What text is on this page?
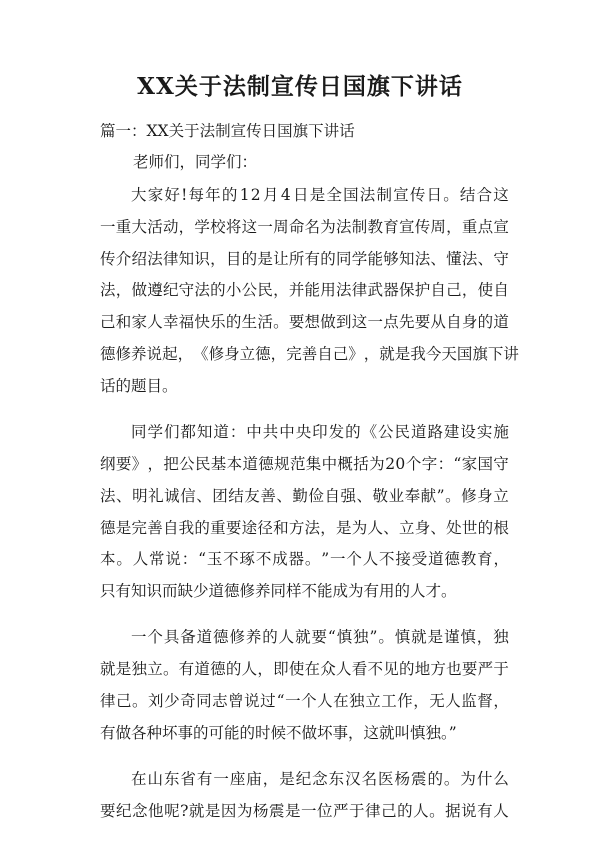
XX关于法制宣传日国旗下讲话
篇一：XX关于法制宣传日国旗下讲话
老师们，同学们：
大 家 好 ! 每 年 的 1 2 月 4 日 是 全 国 法 制 宣 传 日 。 结 合 这
一 重 大 活 动 ， 学 校 将 这 一 周 命 名 为 法 制 教 育 宣 传 周 ， 重 点 宣
传 介 绍 法 律 知 识 ， 目 的 是 让 所 有 的 同 学 能 够 知 法 、 懂 法 、 守
法 ， 做 遵 纪 守 法 的 小 公 民 ， 并 能 用 法 律 武 器 保 护 自 己 ， 使 自
己 和 家 人 幸 福 快 乐 的 生 活 。 要 想 做 到 这 一 点 先 要 从 自 身 的 道
德 修 养 说 起 ， 《 修 身 立 德 ， 完 善 自 己 》 ， 就 是 我 今 天 国 旗 下 讲
话的题目。
同 学 们 都 知 道 ： 中 共 中 央 印 发 的 《 公 民 道 路 建 设 实 施
纲 要 》 ， 把 公 民 基 本 道 德 规 范 集 中 概 括 为 2 0 个 字 ： “ 家 国 守
法 、 明 礼 诚 信 、 团 结 友 善 、 勤 俭 自 强 、 敬 业 奉 献 ” 。 修 身 立
德 是 完 善 自 我 的 重 要 途 径 和 方 法 ， 是 为 人 、 立 身 、 处 世 的 根
本 。 人 常 说 ： “ 玉 不 琢 不 成 器 。 ” 一 个 人 不 接 受 道 德 教 育 ，
只有知识而缺少道德修养同样不能成为有用的人才。
一 个 具 备 道 德 修 养 的 人 就 要 “ 慎 独 ” 。 慎 就 是 谨 慎 ， 独
就 是 独 立 。 有 道 德 的 人 ， 即 使 在 众 人 看 不 见 的 地 方 也 要 严 于
律 己 。 刘 少 奇 同 志 曾 说 过 “ 一 个 人 在 独 立 工 作 ， 无 人 监 督 ，
有做各种坏事的可能的时候不做坏事，这就叫慎独。”
在 山 东 省 有 一 座 庙 ， 是 纪 念 东 汉 名 医 杨 震 的 。 为 什 么
要 纪 念 他 呢 ? 就 是 因 为 杨 震 是 一 位 严 于 律 己 的 人 。 据 说 有 人
